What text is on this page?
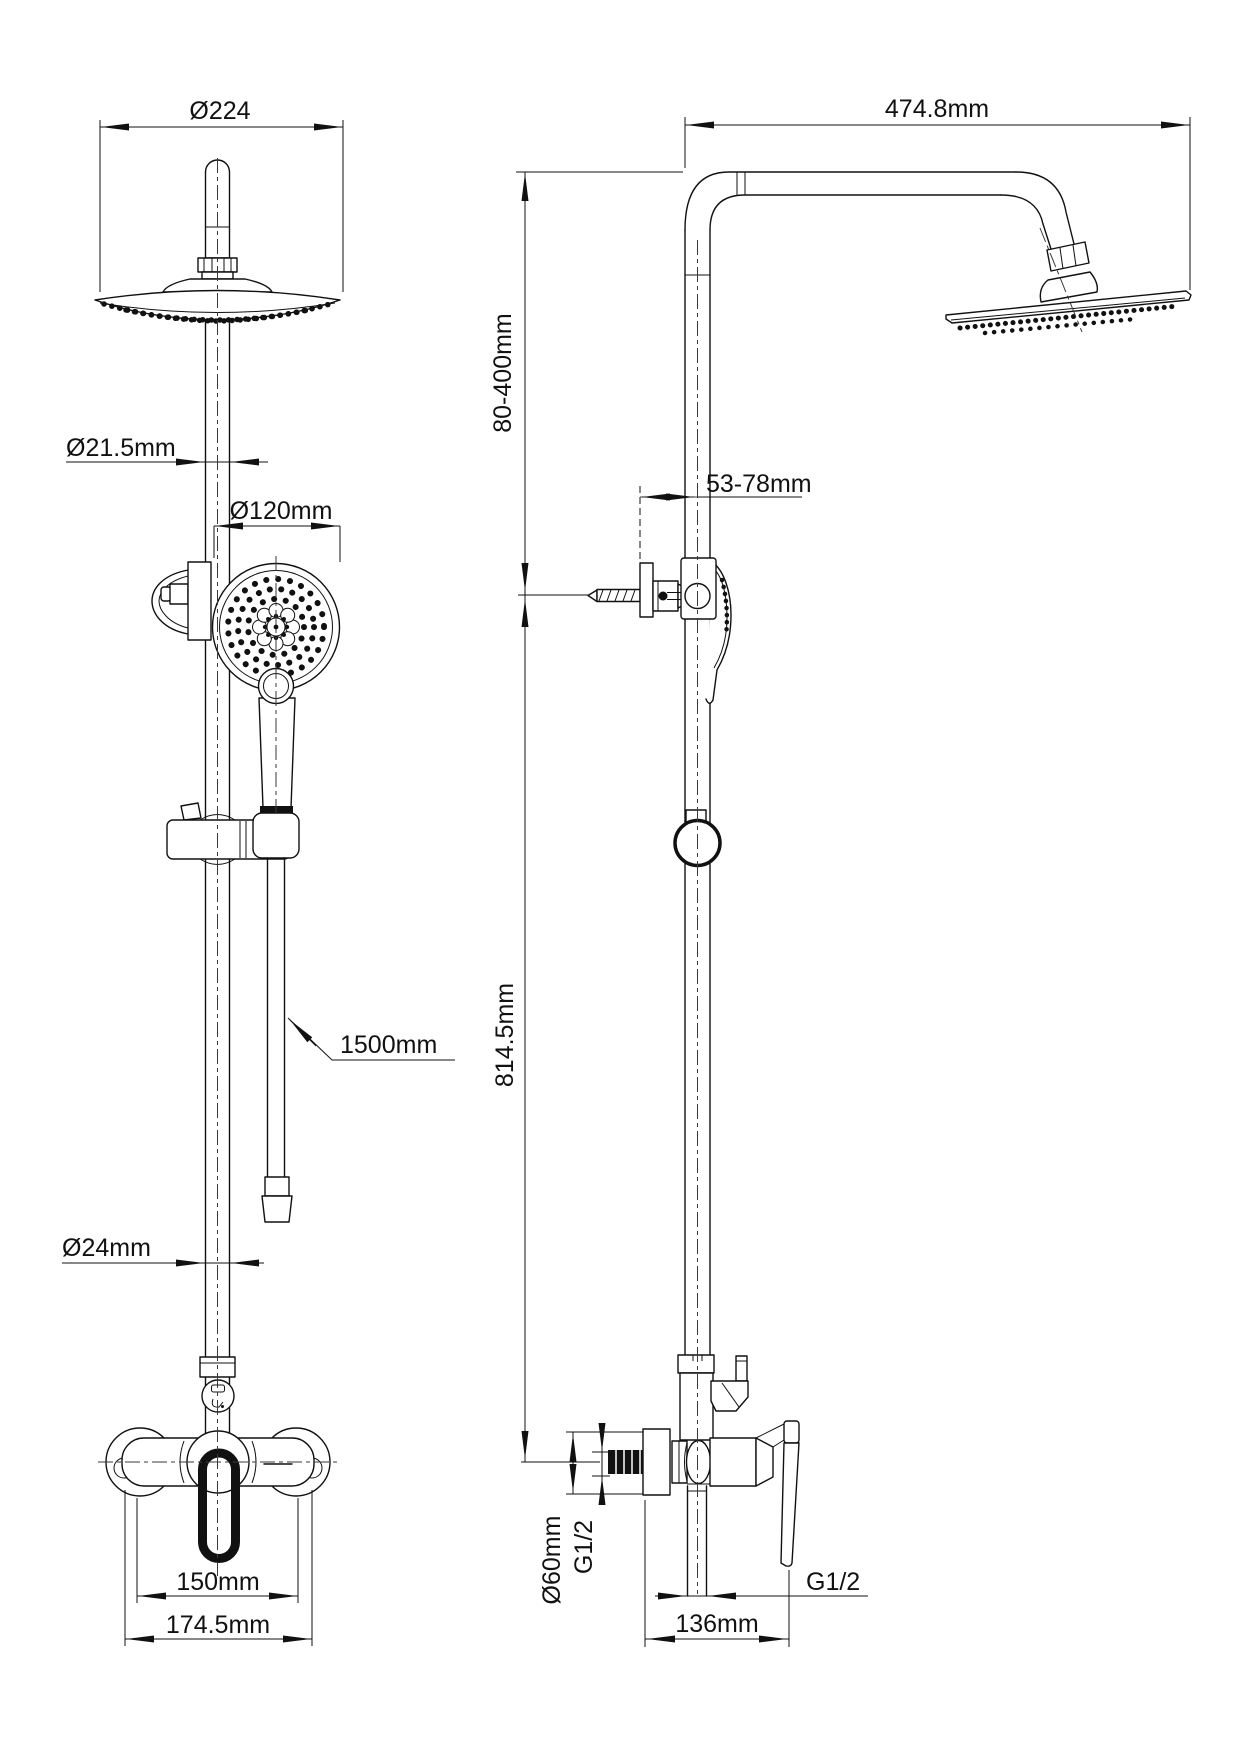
Ø224
Ø21.5mm
Ø120mm
1500mm
Ø24mm
150mm
174.5mm
474.8mm
80-400mm
814.5mm
53-78mm
Ø60mm G1/2
G1/2
136mm
